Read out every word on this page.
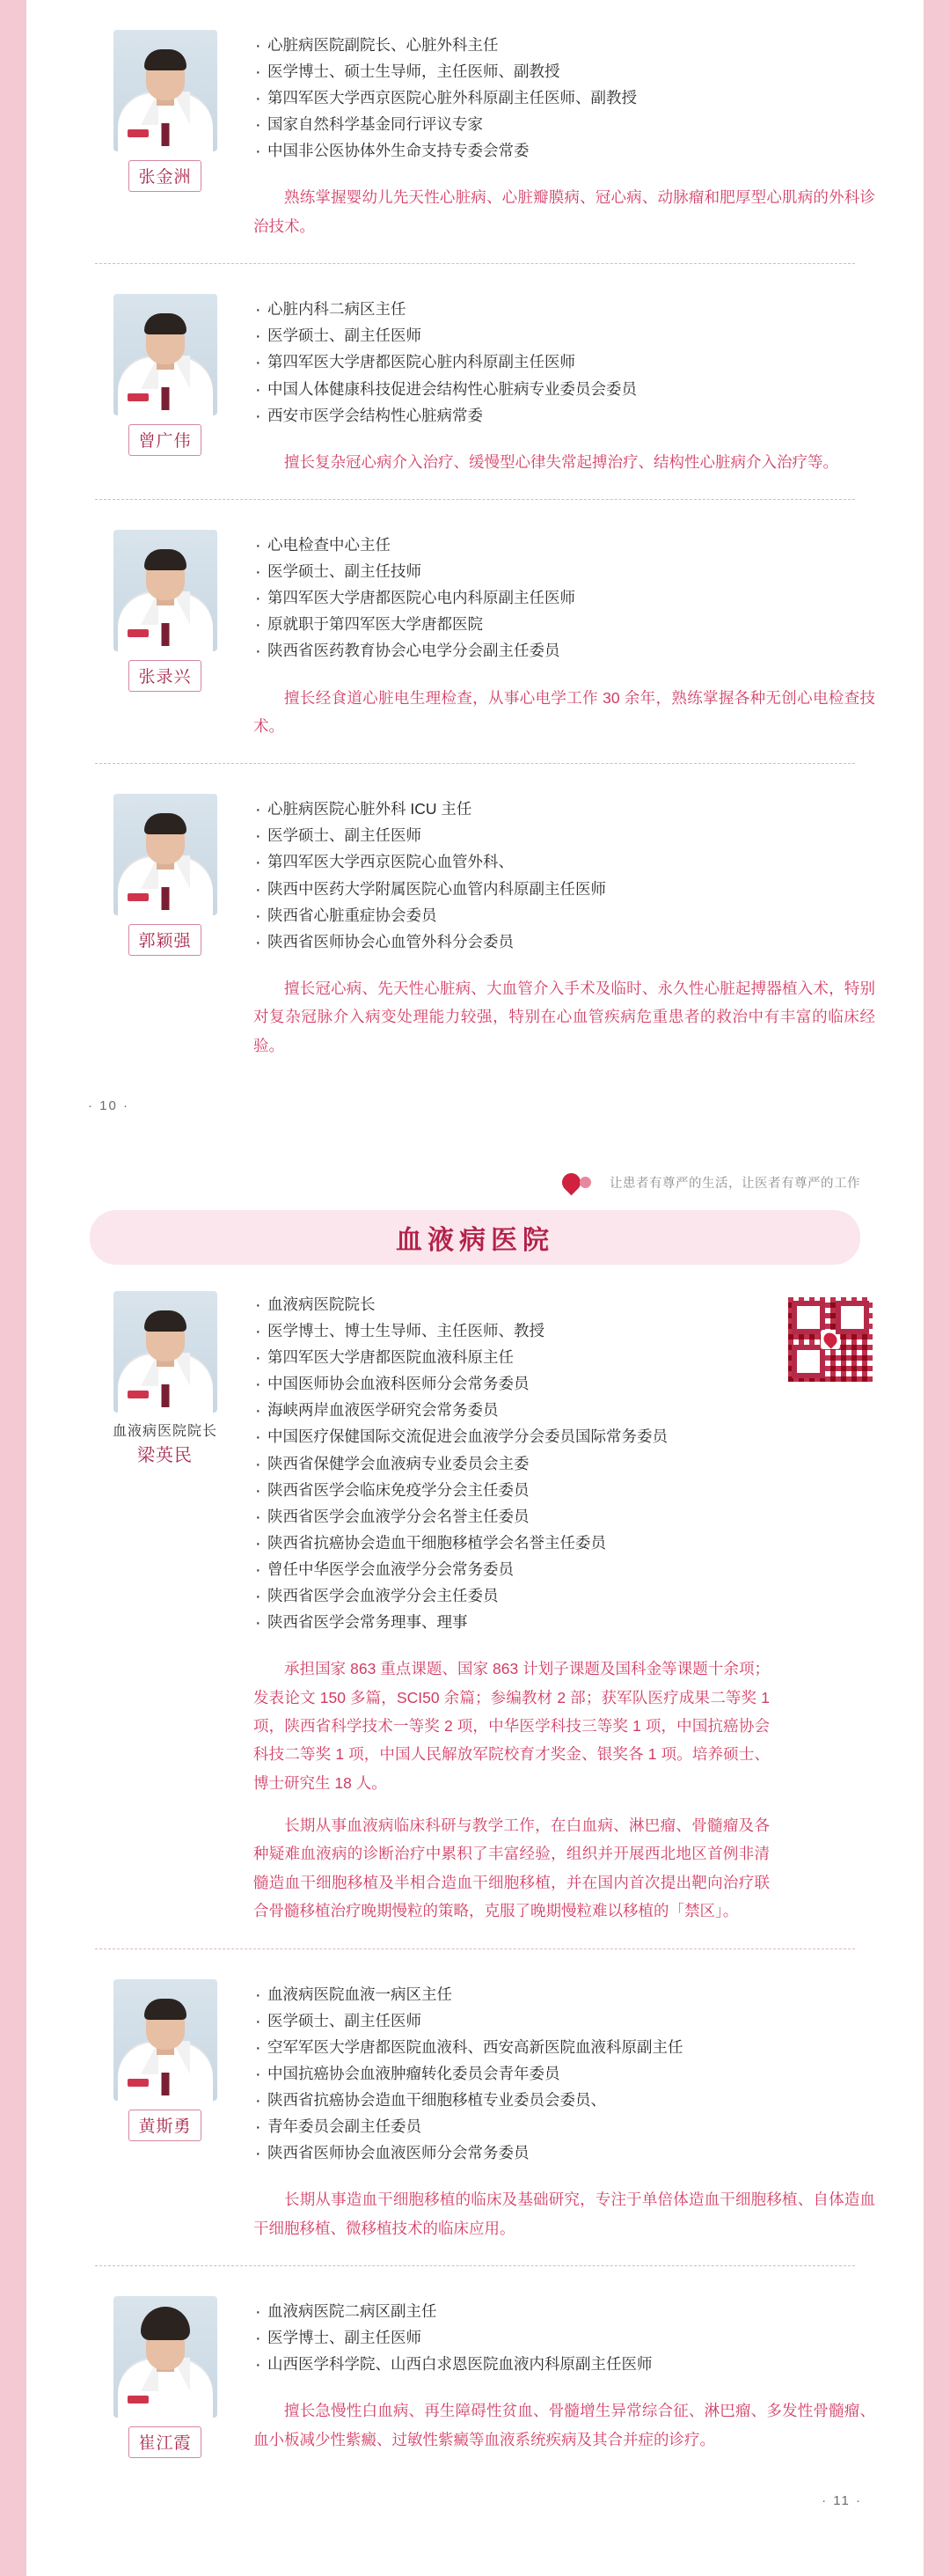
张金洲
· 心脏病医院副院长、心脏外科主任
· 医学博士、硕士生导师，主任医师、副教授
· 第四军医大学西京医院心脏外科原副主任医师、副教授
· 国家自然科学基金同行评议专家
· 中国非公医协体外生命支持专委会常委
熟练掌握婴幼儿先天性心脏病、心脏瓣膜病、冠心病、动脉瘤和肥厚型心肌病的外科诊治技术。
曾广伟
· 心脏内科二病区主任
· 医学硕士、副主任医师
· 第四军医大学唐都医院心脏内科原副主任医师
· 中国人体健康科技促进会结构性心脏病专业委员会委员
· 西安市医学会结构性心脏病常委
擅长复杂冠心病介入治疗、缓慢型心律失常起搏治疗、结构性心脏病介入治疗等。
张录兴
· 心电检查中心主任
· 医学硕士、副主任技师
· 第四军医大学唐都医院心电内科原副主任医师
· 原就职于第四军医大学唐都医院
· 陕西省医药教育协会心电学分会副主任委员
擅长经食道心脏电生理检查，从事心电学工作 30 余年，熟练掌握各种无创心电检查技术。
郭颖强
· 心脏病医院心脏外科 ICU 主任
· 医学硕士、副主任医师
· 第四军医大学西京医院心血管外科、
· 陕西中医药大学附属医院心血管内科原副主任医师
· 陕西省心脏重症协会委员
· 陕西省医师协会心血管外科分会委员
擅长冠心病、先天性心脏病、大血管介入手术及临时、永久性心脏起搏器植入术，特别对复杂冠脉介入病变处理能力较强，特别在心血管疾病危重患者的救治中有丰富的临床经验。
· 10 ·
让患者有尊严的生活，让医者有尊严的工作
血液病医院
血液病医院院长
梁英民
· 血液病医院院长
· 医学博士、博士生导师、主任医师、教授
· 第四军医大学唐都医院血液科原主任
· 中国医师协会血液科医师分会常务委员
· 海峡两岸血液医学研究会常务委员
· 中国医疗保健国际交流促进会血液学分会委员国际常务委员
· 陕西省保健学会血液病专业委员会主委
· 陕西省医学会临床免疫学分会主任委员
· 陕西省医学会血液学分会名誉主任委员
· 陕西省抗癌协会造血干细胞移植学会名誉主任委员
· 曾任中华医学会血液学分会常务委员
· 陕西省医学会血液学分会主任委员
· 陕西省医学会常务理事、理事
承担国家 863 重点课题、国家 863 计划子课题及国科金等课题十余项；发表论文 150 多篇，SCI50 余篇；参编教材 2 部；获军队医疗成果二等奖 1 项，陕西省科学技术一等奖 2 项，中华医学科技三等奖 1 项，中国抗癌协会科技二等奖 1 项，中国人民解放军院校育才奖金、银奖各 1 项。培养硕士、博士研究生 18 人。
长期从事血液病临床科研与教学工作，在白血病、淋巴瘤、骨髓瘤及各种疑难血液病的诊断治疗中累积了丰富经验，组织并开展西北地区首例非清髓造血干细胞移植及半相合造血干细胞移植，并在国内首次提出靶向治疗联合骨髓移植治疗晚期慢粒的策略，克服了晚期慢粒难以移植的「禁区」。
黄斯勇
· 血液病医院血液一病区主任
· 医学硕士、副主任医师
· 空军军医大学唐都医院血液科、西安高新医院血液科原副主任
· 中国抗癌协会血液肿瘤转化委员会青年委员
· 陕西省抗癌协会造血干细胞移植专业委员会委员、
· 青年委员会副主任委员
· 陕西省医师协会血液医师分会常务委员
长期从事造血干细胞移植的临床及基础研究，专注于单倍体造血干细胞移植、自体造血干细胞移植、微移植技术的临床应用。
崔江霞
· 血液病医院二病区副主任
· 医学博士、副主任医师
· 山西医学科学院、山西白求恩医院血液内科原副主任医师
擅长急慢性白血病、再生障碍性贫血、骨髓增生异常综合征、淋巴瘤、多发性骨髓瘤、血小板减少性紫癜、过敏性紫癜等血液系统疾病及其合并症的诊疗。
· 11 ·
